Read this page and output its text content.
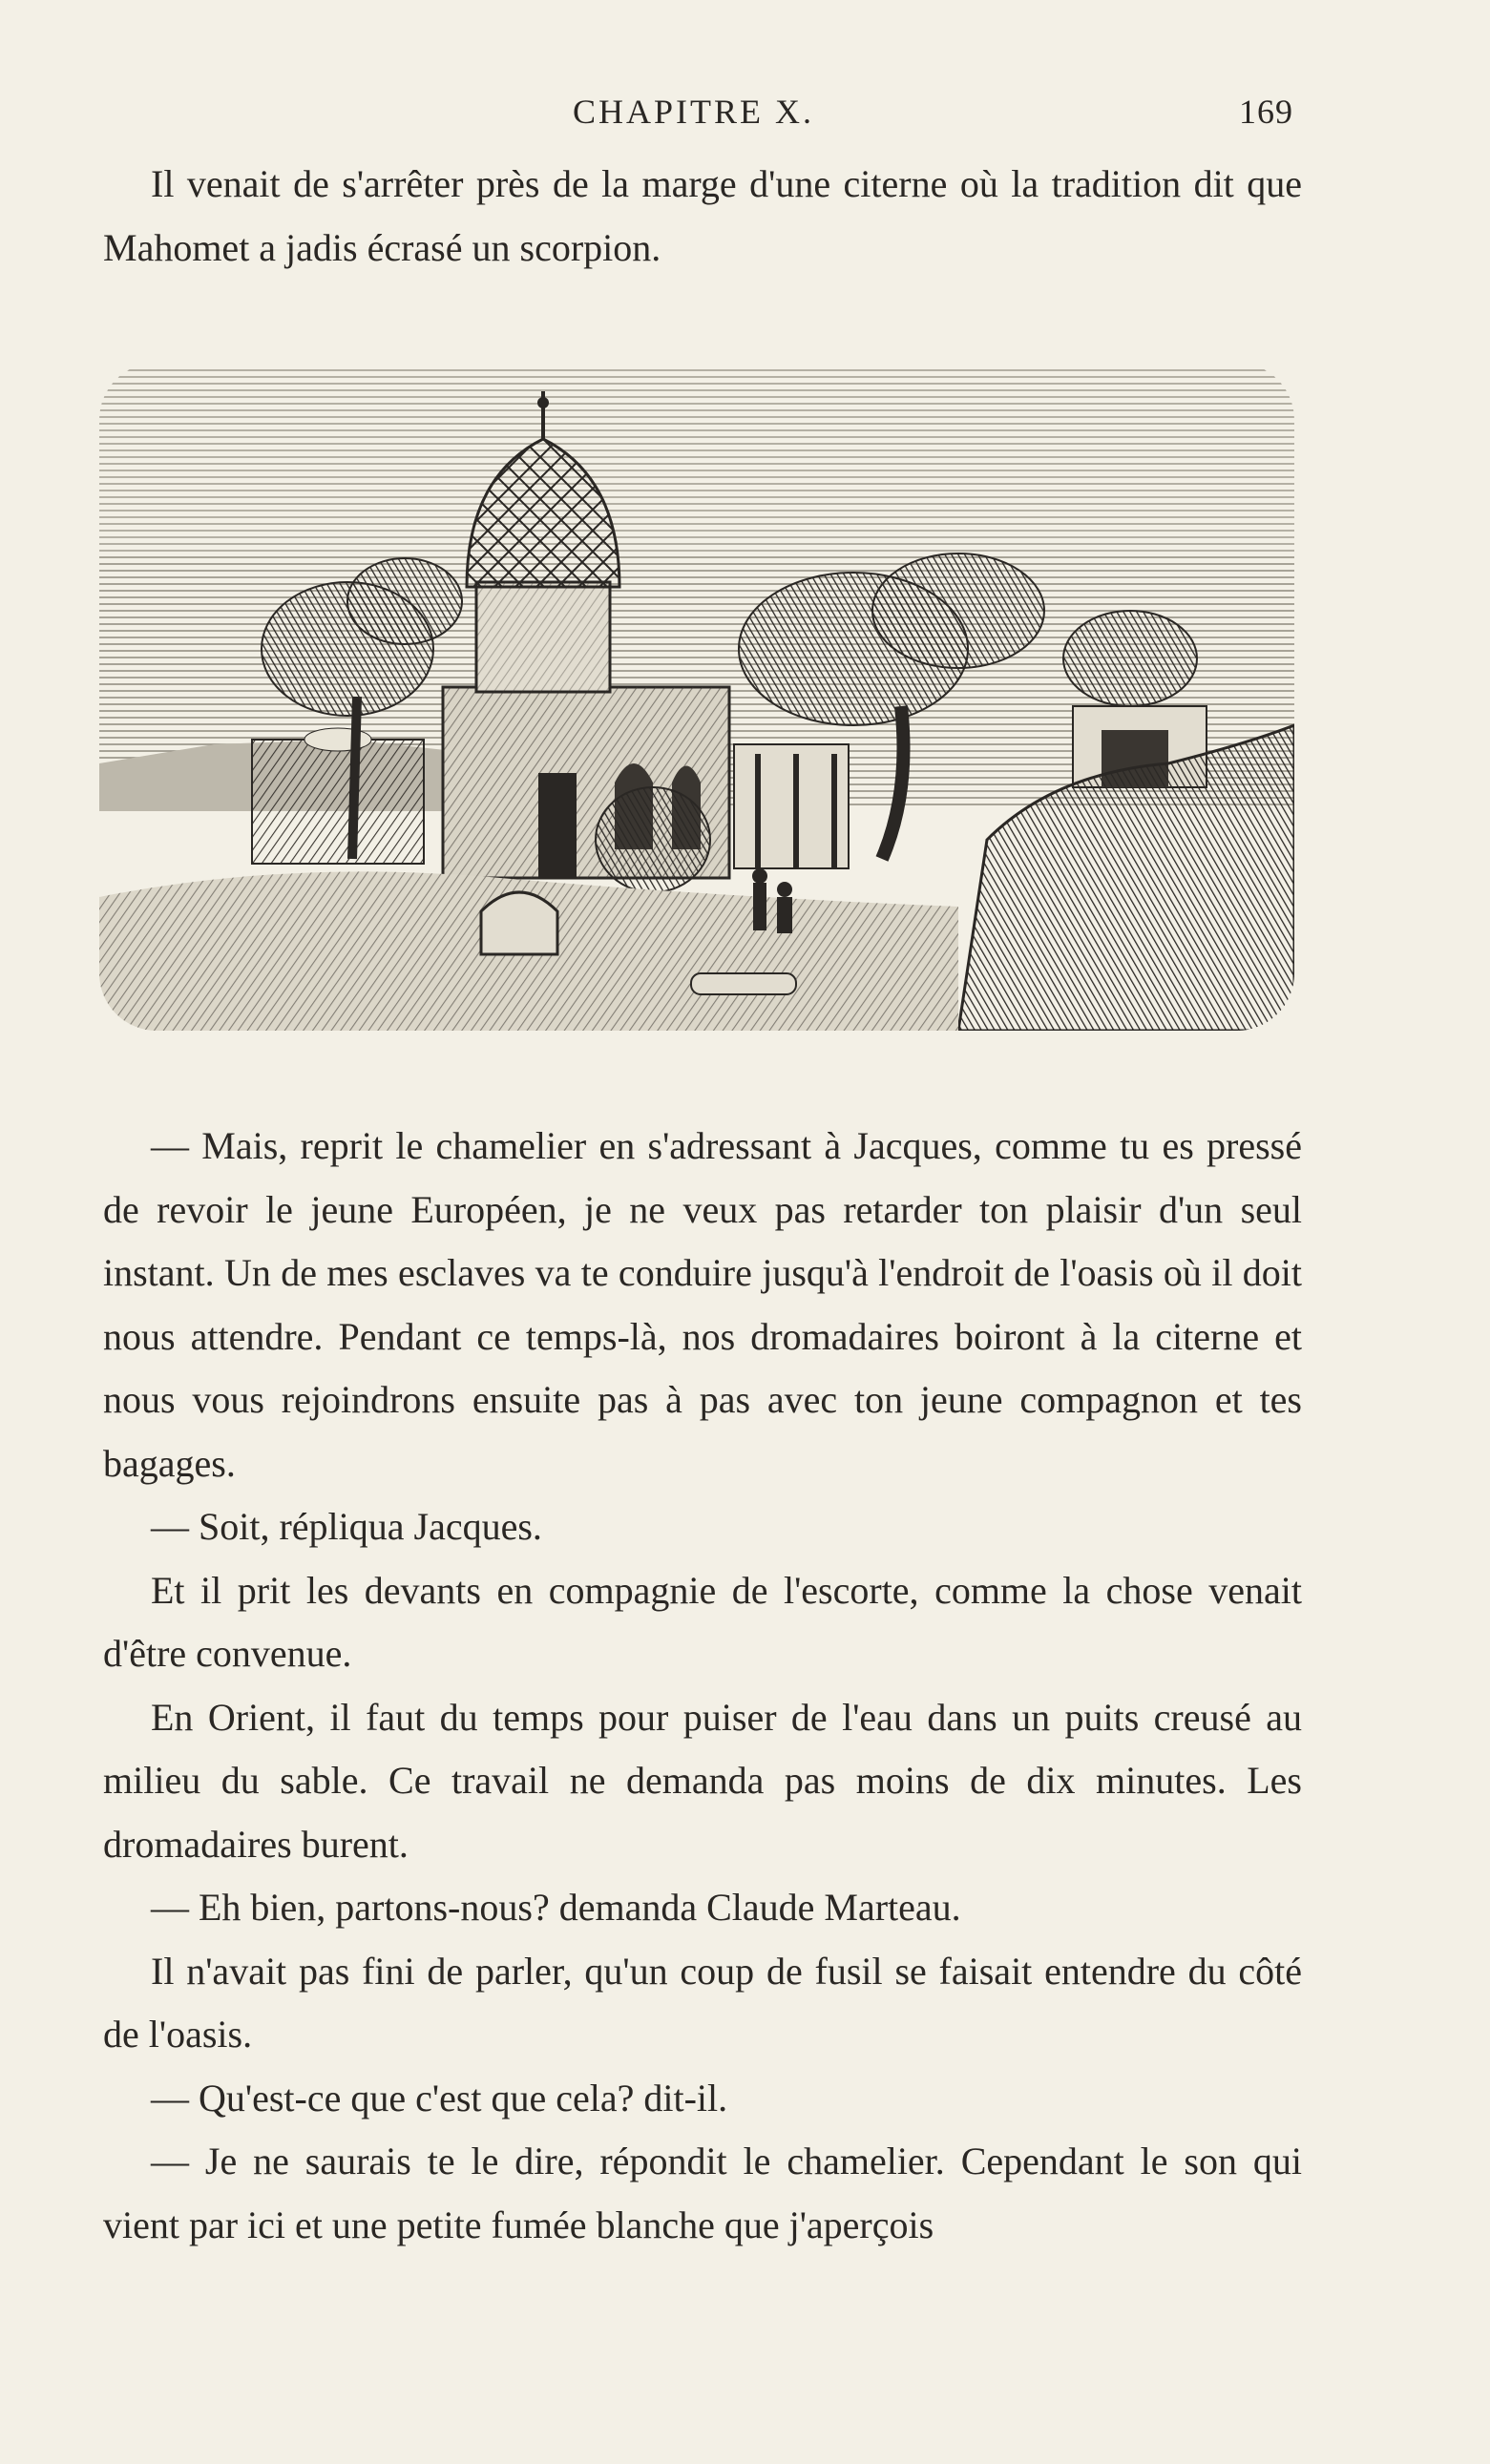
CHAPITRE X.	169

Il venait de s'arrêter près de la marge d'une citerne où la tradition dit que Mahomet a jadis écrasé un scorpion.

— Mais, reprit le chamelier en s'adressant à Jacques, comme tu es pressé de revoir le jeune Européen, je ne veux pas retarder ton plaisir d'un seul instant. Un de mes esclaves va te conduire jusqu'à l'endroit de l'oasis où il doit nous attendre. Pendant ce temps-là, nos dromadaires boiront à la citerne et nous vous rejoindrons ensuite pas à pas avec ton jeune compagnon et tes bagages.

— Soit, répliqua Jacques.

Et il prit les devants en compagnie de l'escorte, comme la chose venait d'être convenue.

En Orient, il faut du temps pour puiser de l'eau dans un puits creusé au milieu du sable. Ce travail ne demanda pas moins de dix minutes. Les dromadaires burent.

— Eh bien, partons-nous? demanda Claude Marteau.

Il n'avait pas fini de parler, qu'un coup de fusil se faisait entendre du côté de l'oasis.

— Qu'est-ce que c'est que cela? dit-il.

— Je ne saurais te le dire, répondit le chamelier. Cependant le son qui vient par ici et une petite fumée blanche que j'aperçois
